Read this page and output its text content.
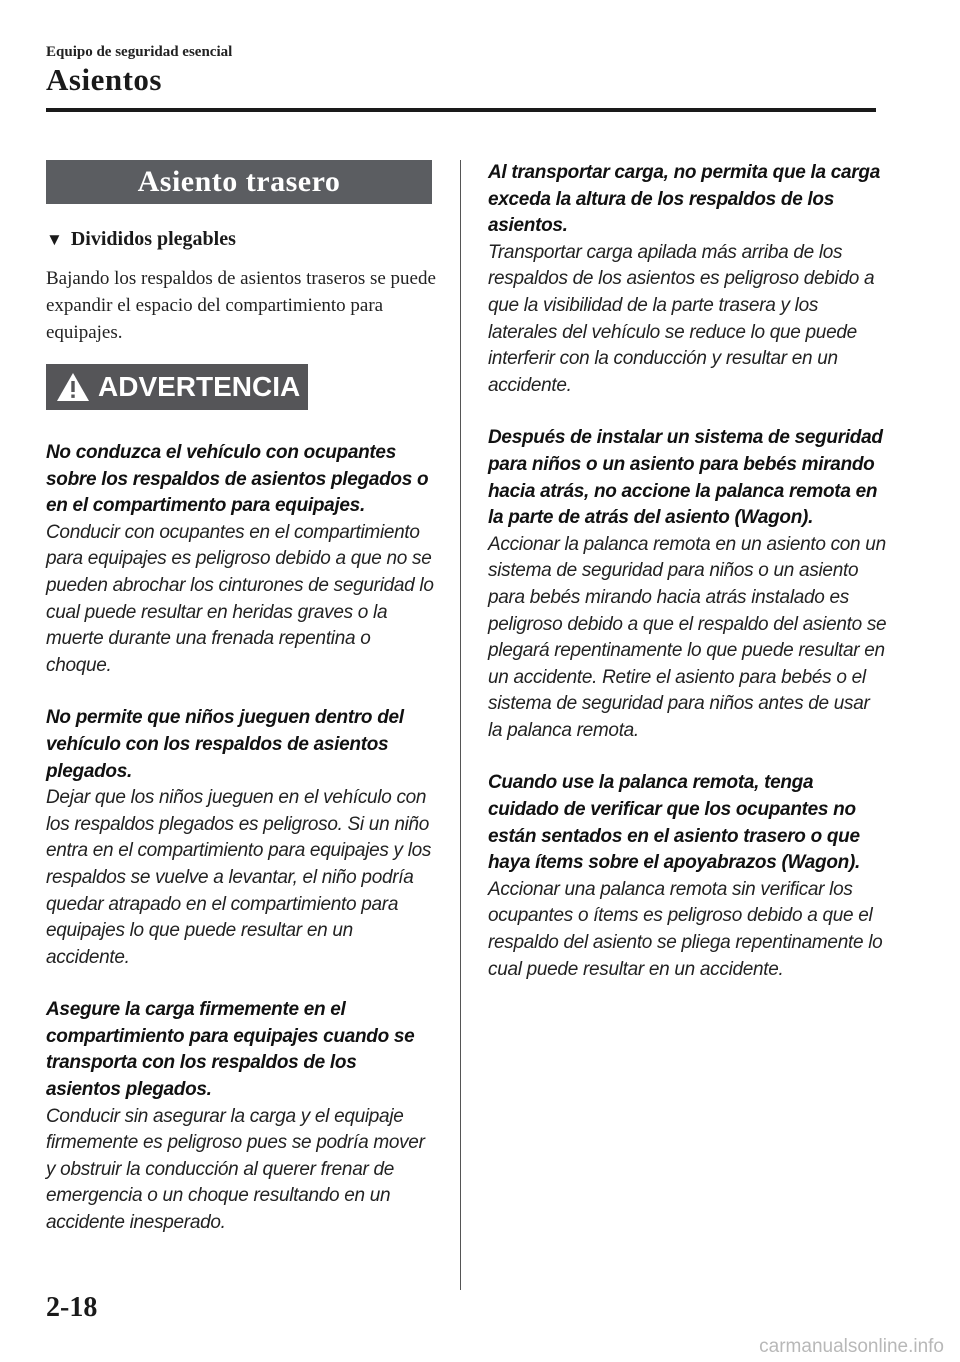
Equipo de seguridad esencial
Asientos
Asiento trasero
▼ Divididos plegables
Bajando los respaldos de asientos traseros se puede expandir el espacio del compartimiento para equipajes.
ADVERTENCIA
No conduzca el vehículo con ocupantes sobre los respaldos de asientos plegados o en el compartimento para equipajes.
Conducir con ocupantes en el compartimiento para equipajes es peligroso debido a que no se pueden abrochar los cinturones de seguridad lo cual puede resultar en heridas graves o la muerte durante una frenada repentina o choque.
No permite que niños jueguen dentro del vehículo con los respaldos de asientos plegados.
Dejar que los niños jueguen en el vehículo con los respaldos plegados es peligroso. Si un niño entra en el compartimiento para equipajes y los respaldos se vuelve a levantar, el niño podría quedar atrapado en el compartimiento para equipajes lo que puede resultar en un accidente.
Asegure la carga firmemente en el compartimiento para equipajes cuando se transporta con los respaldos de los asientos plegados.
Conducir sin asegurar la carga y el equipaje firmemente es peligroso pues se podría mover y obstruir la conducción al querer frenar de emergencia o un choque resultando en un accidente inesperado.
Al transportar carga, no permita que la carga exceda la altura de los respaldos de los asientos.
Transportar carga apilada más arriba de los respaldos de los asientos es peligroso debido a que la visibilidad de la parte trasera y los laterales del vehículo se reduce lo que puede interferir con la conducción y resultar en un accidente.
Después de instalar un sistema de seguridad para niños o un asiento para bebés mirando hacia atrás, no accione la palanca remota en la parte de atrás del asiento (Wagon).
Accionar la palanca remota en un asiento con un sistema de seguridad para niños o un asiento para bebés mirando hacia atrás instalado es peligroso debido a que el respaldo del asiento se plegará repentinamente lo que puede resultar en un accidente. Retire el asiento para bebés o el sistema de seguridad para niños antes de usar la palanca remota.
Cuando use la palanca remota, tenga cuidado de verificar que los ocupantes no están sentados en el asiento trasero o que haya ítems sobre el apoyabrazos (Wagon).
Accionar una palanca remota sin verificar los ocupantes o ítems es peligroso debido a que el respaldo del asiento se pliega repentinamente lo cual puede resultar en un accidente.
2-18
carmanualsonline.info
